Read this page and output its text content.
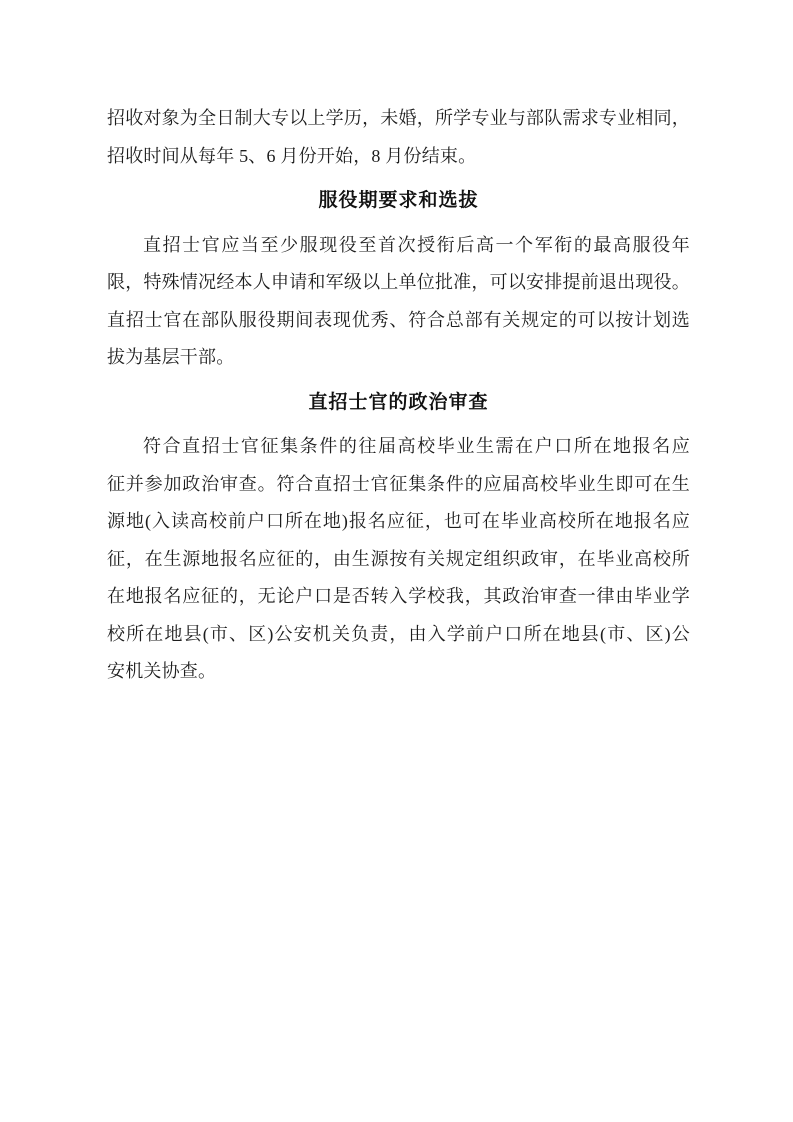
招收对象为全日制大专以上学历，未婚，所学专业与部队需求专业相同，
招收时间从每年 5、6 月份开始，8 月份结束。
服役期要求和选拔
直招士官应当至少服现役至首次授衔后高一个军衔的最高服役年
限，特殊情况经本人申请和军级以上单位批准，可以安排提前退出现役。
直招士官在部队服役期间表现优秀、符合总部有关规定的可以按计划选
拔为基层干部。
直招士官的政治审查
符合直招士官征集条件的往届高校毕业生需在户口所在地报名应
征并参加政治审查。符合直招士官征集条件的应届高校毕业生即可在生
源地(入读高校前户口所在地)报名应征，也可在毕业高校所在地报名应
征，在生源地报名应征的，由生源按有关规定组织政审，在毕业高校所
在地报名应征的，无论户口是否转入学校我，其政治审查一律由毕业学
校所在地县(市、区)公安机关负责，由入学前户口所在地县(市、区)公
安机关协查。
